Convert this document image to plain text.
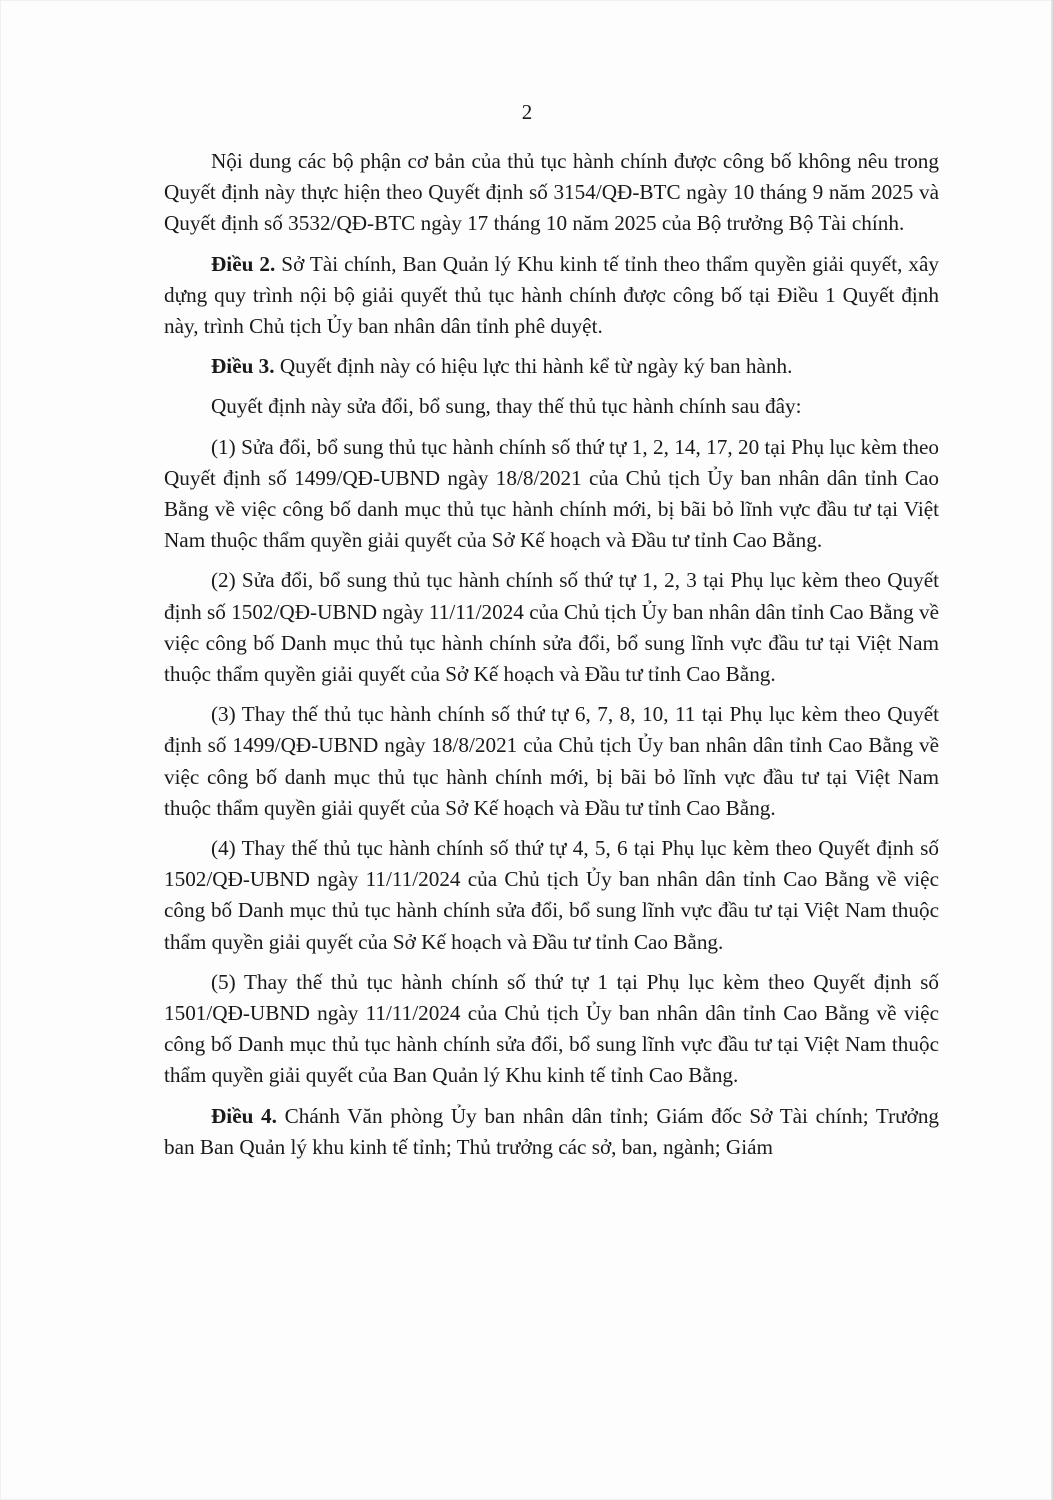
2

Nội dung các bộ phận cơ bản của thủ tục hành chính được công bố không nêu trong Quyết định này thực hiện theo Quyết định số 3154/QĐ-BTC ngày 10 tháng 9 năm 2025 và Quyết định số 3532/QĐ-BTC ngày 17 tháng 10 năm 2025 của Bộ trưởng Bộ Tài chính.

Điều 2. Sở Tài chính, Ban Quản lý Khu kinh tế tỉnh theo thẩm quyền giải quyết, xây dựng quy trình nội bộ giải quyết thủ tục hành chính được công bố tại Điều 1 Quyết định này, trình Chủ tịch Ủy ban nhân dân tỉnh phê duyệt.

Điều 3. Quyết định này có hiệu lực thi hành kể từ ngày ký ban hành.

Quyết định này sửa đổi, bổ sung, thay thế thủ tục hành chính sau đây:

(1) Sửa đổi, bổ sung thủ tục hành chính số thứ tự 1, 2, 14, 17, 20 tại Phụ lục kèm theo Quyết định số 1499/QĐ-UBND ngày 18/8/2021 của Chủ tịch Ủy ban nhân dân tỉnh Cao Bằng về việc công bố danh mục thủ tục hành chính mới, bị bãi bỏ lĩnh vực đầu tư tại Việt Nam thuộc thẩm quyền giải quyết của Sở Kế hoạch và Đầu tư tỉnh Cao Bằng.

(2) Sửa đổi, bổ sung thủ tục hành chính số thứ tự 1, 2, 3 tại Phụ lục kèm theo Quyết định số 1502/QĐ-UBND ngày 11/11/2024 của Chủ tịch Ủy ban nhân dân tỉnh Cao Bằng về việc công bố Danh mục thủ tục hành chính sửa đổi, bổ sung lĩnh vực đầu tư tại Việt Nam thuộc thẩm quyền giải quyết của Sở Kế hoạch và Đầu tư tỉnh Cao Bằng.

(3) Thay thế thủ tục hành chính số thứ tự 6, 7, 8, 10, 11 tại Phụ lục kèm theo Quyết định số 1499/QĐ-UBND ngày 18/8/2021 của Chủ tịch Ủy ban nhân dân tỉnh Cao Bằng về việc công bố danh mục thủ tục hành chính mới, bị bãi bỏ lĩnh vực đầu tư tại Việt Nam thuộc thẩm quyền giải quyết của Sở Kế hoạch và Đầu tư tỉnh Cao Bằng.

(4) Thay thế thủ tục hành chính số thứ tự 4, 5, 6 tại Phụ lục kèm theo Quyết định số 1502/QĐ-UBND ngày 11/11/2024 của Chủ tịch Ủy ban nhân dân tỉnh Cao Bằng về việc công bố Danh mục thủ tục hành chính sửa đổi, bổ sung lĩnh vực đầu tư tại Việt Nam thuộc thẩm quyền giải quyết của Sở Kế hoạch và Đầu tư tỉnh Cao Bằng.

(5) Thay thế thủ tục hành chính số thứ tự 1 tại Phụ lục kèm theo Quyết định số 1501/QĐ-UBND ngày 11/11/2024 của Chủ tịch Ủy ban nhân dân tỉnh Cao Bằng về việc công bố Danh mục thủ tục hành chính sửa đổi, bổ sung lĩnh vực đầu tư tại Việt Nam thuộc thẩm quyền giải quyết của Ban Quản lý Khu kinh tế tỉnh Cao Bằng.

Điều 4. Chánh Văn phòng Ủy ban nhân dân tỉnh; Giám đốc Sở Tài chính; Trưởng ban Ban Quản lý khu kinh tế tỉnh; Thủ trưởng các sở, ban, ngành; Giám
